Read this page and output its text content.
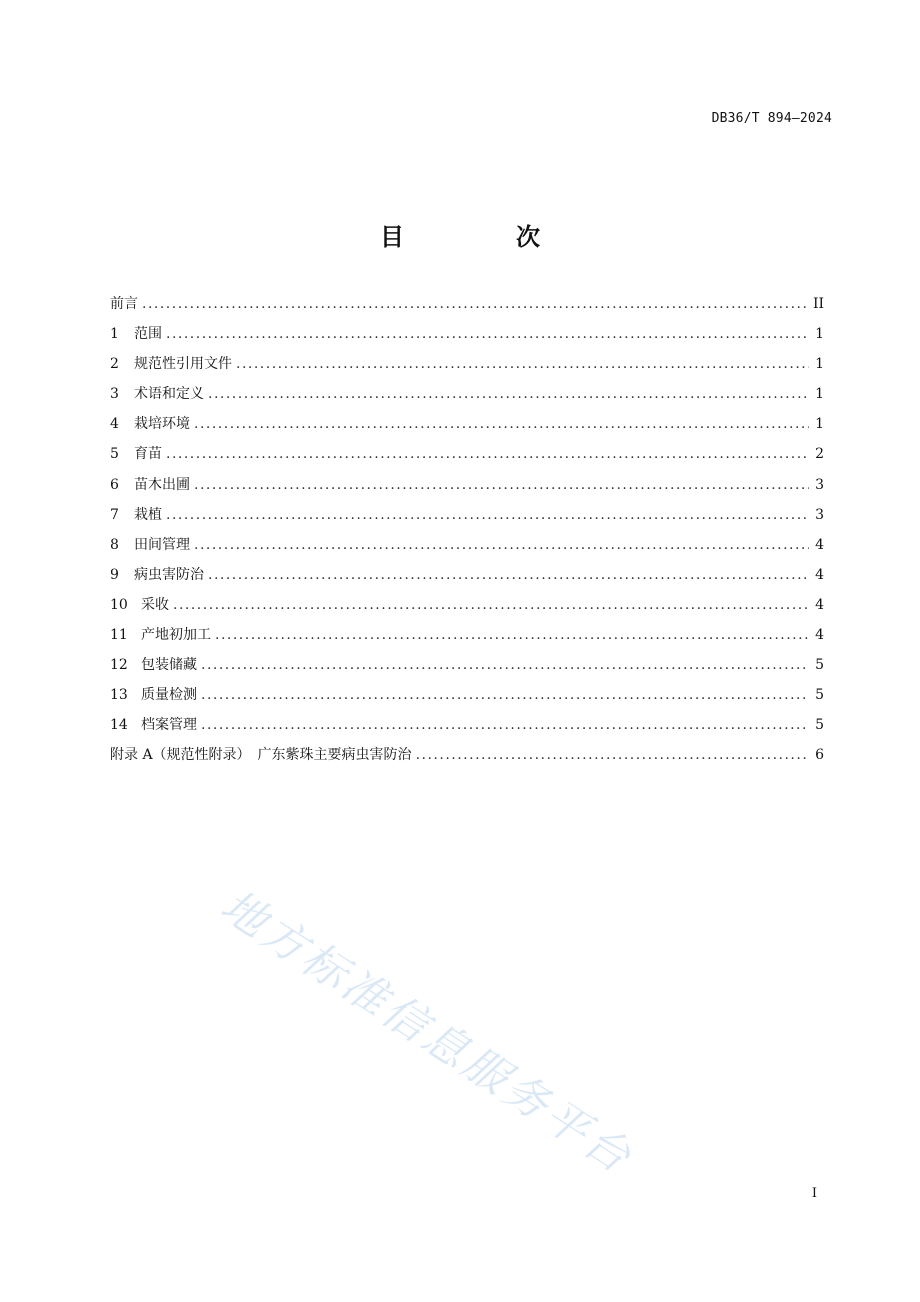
DB36/T 894—2024
目　次
前言 .....	II
1	范围 .....	1
2	规范性引用文件 .....	1
3	术语和定义 .....	1
4	栽培环境 .....	1
5	育苗 .....	2
6	苗木出圃 .....	3
7	栽植 .....	3
8	田间管理 .....	4
9	病虫害防治 .....	4
10 采收 .....	4
11 产地初加工 .....	4
12 包装储藏 .....	5
13 质量检测 .....	5
14 档案管理 .....	5
附录 A（规范性附录）　广东紫珠主要病虫害防治 .....	6
地方标准信息服务平台
I
